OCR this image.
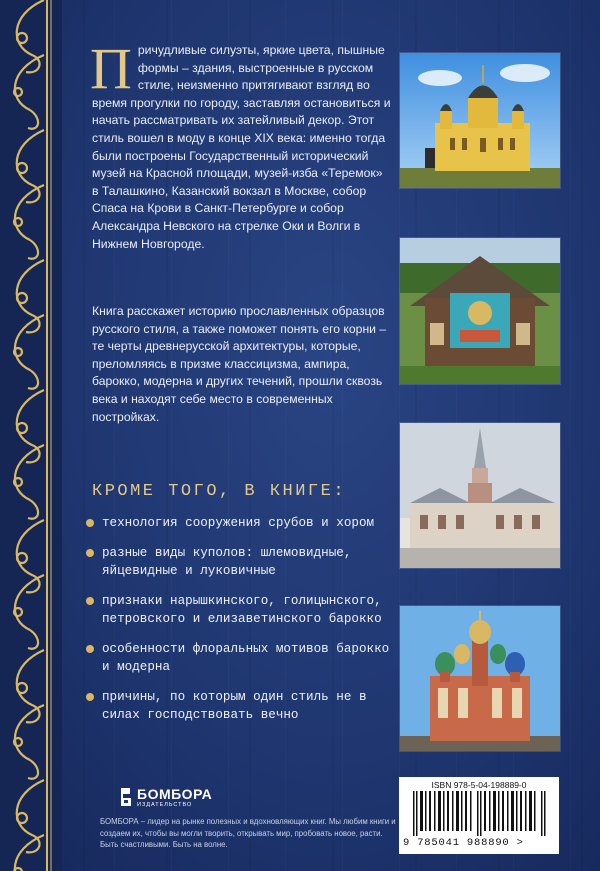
П ричудливые силуэты, яркие цвета, пышные формы – здания, выстроенные в русском стиле, неизменно притягивают взгляд во время прогулки по городу, заставляя остановиться и начать рассматривать их затейливый декор. Этот стиль вошел в моду в конце XIX века: именно тогда были построены Государственный исторический музей на Красной площади, музей-изба «Теремок» в Талашкино, Казанский вокзал в Москве, собор Спаса на Крови в Санкт-Петербурге и собор Александра Невского на стрелке Оки и Волги в Нижнем Новгороде.
Книга расскажет историю прославленных образцов русского стиля, а также поможет понять его корни – те черты древнерусской архитектуры, которые, преломляясь в призме классицизма, ампира, барокко, модерна и других течений, прошли сквозь века и находят себе место в современных постройках.
КРОМЕ ТОГО, В КНИГЕ:
технология сооружения срубов и хором
разные виды куполов: шлемовидные, яйцевидные и луковичные
признаки нарышкинского, голицынского, петровского и елизаветинского барокко
особенности флоральных мотивов барокко и модерна
причины, по которым один стиль не в силах господствовать вечно
БОМБОРА
ИЗДАТЕЛЬСТВО
БОМБОРА – лидер на рынке полезных и вдохновляющих книг. Мы любим книги и создаем их, чтобы вы могли творить, открывать мир, пробовать новое, расти. Быть счастливыми. Быть на волне.
ISBN 978-5-04-198889-0
9 785041 988890 >
